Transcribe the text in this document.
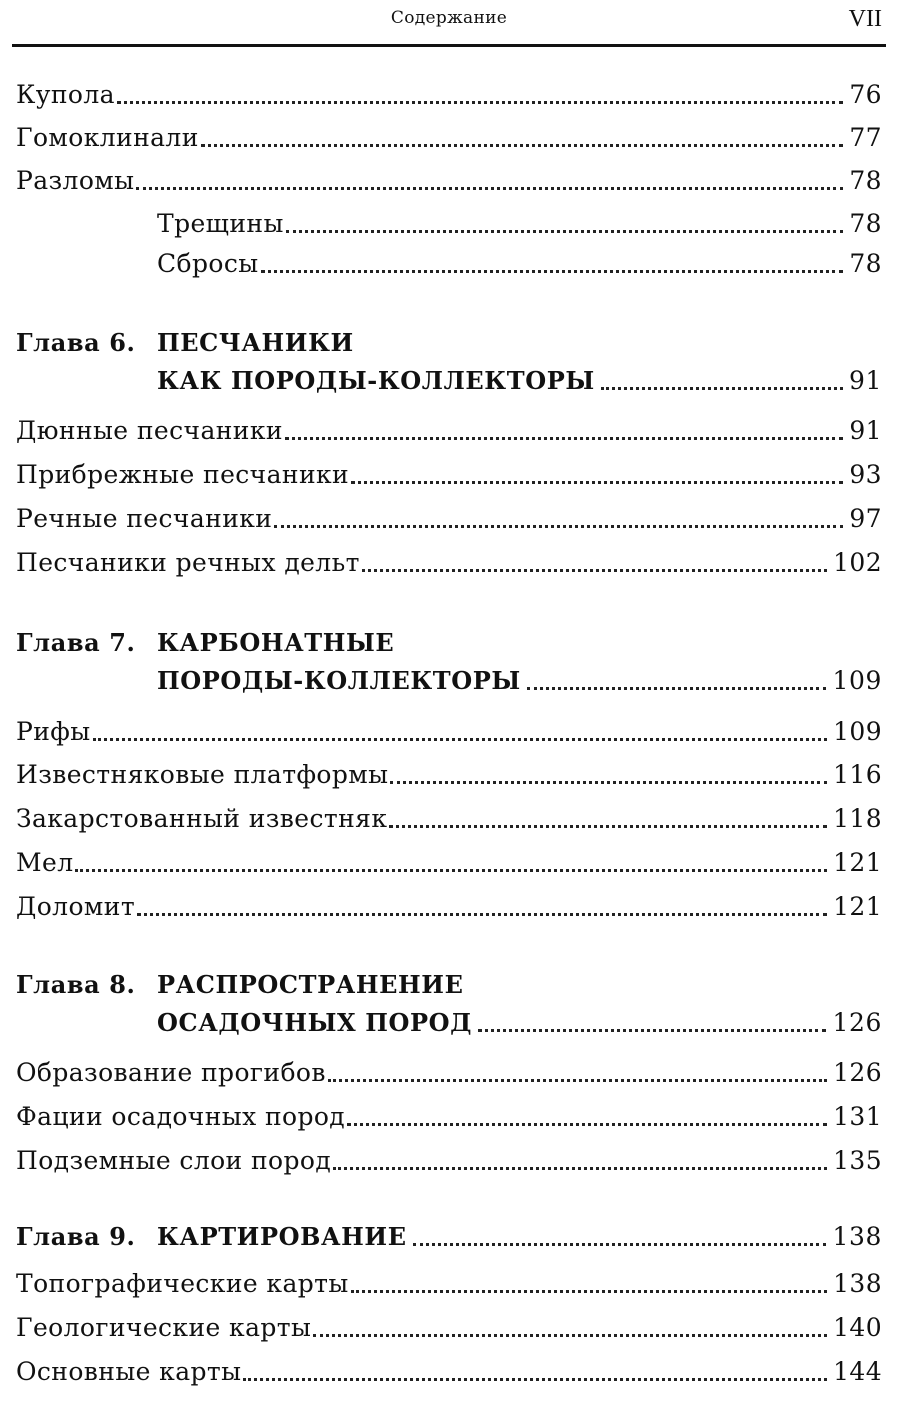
Содержание	VII
Купола	76
Гомоклинали	77
Разломы	78
Трещины	78
Сбросы	78
Глава 6. ПЕСЧАНИКИ
КАК ПОРОДЫ-КОЛЛЕКТОРЫ	91
Дюнные песчаники	91
Прибрежные песчаники	93
Речные песчаники	97
Песчаники речных дельт	102
Глава 7. КАРБОНАТНЫЕ
ПОРОДЫ-КОЛЛЕКТОРЫ	109
Рифы	109
Известняковые платформы	116
Закарстованный известняк	118
Мел	121
Доломит	121
Глава 8. РАСПРОСТРАНЕНИЕ
ОСАДОЧНЫХ ПОРОД	126
Образование прогибов	126
Фации осадочных пород	131
Подземные слои пород	135
Глава 9. КАРТИРОВАНИЕ	138
Топографические карты	138
Геологические карты	140
Основные карты	144
